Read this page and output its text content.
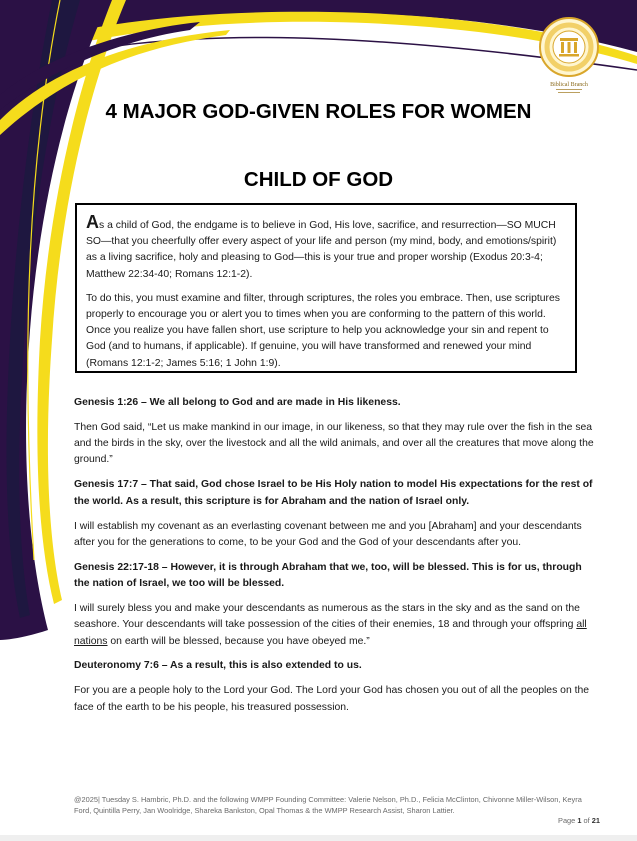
Biblical Branch
4 MAJOR GOD-GIVEN ROLES FOR WOMEN
CHILD OF GOD

As a child of God, the endgame is to believe in God, His love, sacrifice, and resurrection—SO MUCH SO—that you cheerfully offer every aspect of your life and person (my mind, body, and emotions/spirit) as a living sacrifice, holy and pleasing to God—this is your true and proper worship (Exodus 20:3-4; Matthew 22:34-40; Romans 12:1-2).

To do this, you must examine and filter, through scriptures, the roles you embrace. Then, use scriptures properly to encourage you or alert you to times when you are conforming to the pattern of this world. Once you realize you have fallen short, use scripture to help you acknowledge your sin and repent to God (and to humans, if applicable). If genuine, you will have transformed and renewed your mind (Romans 12:1-2; James 5:16; 1 John 1:9).

Genesis 1:26 – We all belong to God and are made in His likeness.

Then God said, “Let us make mankind in our image, in our likeness, so that they may rule over the fish in the sea and the birds in the sky, over the livestock and all the wild animals, and over all the creatures that move along the ground.”

Genesis 17:7 – That said, God chose Israel to be His Holy nation to model His expectations for the rest of the world. As a result, this scripture is for Abraham and the nation of Israel only.

I will establish my covenant as an everlasting covenant between me and you [Abraham] and your descendants after you for the generations to come, to be your God and the God of your descendants after you.

Genesis 22:17-18 – However, it is through Abraham that we, too, will be blessed. This is for us, through the nation of Israel, we too will be blessed.

I will surely bless you and make your descendants as numerous as the stars in the sky and as the sand on the seashore. Your descendants will take possession of the cities of their enemies, 18 and through your offspring all nations on earth will be blessed, because you have obeyed me.”

Deuteronomy 7:6 – As a result, this is also extended to us.

For you are a people holy to the Lord your God. The Lord your God has chosen you out of all the peoples on the face of the earth to be his people, his treasured possession.

@2025| Tuesday S. Hambric, Ph.D. and the following WMPP Founding Committee: Valerie Nelson, Ph.D., Felicia McClinton, Chivonne Miller-Wilson, Keyra Ford, Quintilla Perry, Jan Woolridge, Shareka Bankston, Opal Thomas & the WMPP Research Assist, Sharon Lattier.
Page 1 of 21
